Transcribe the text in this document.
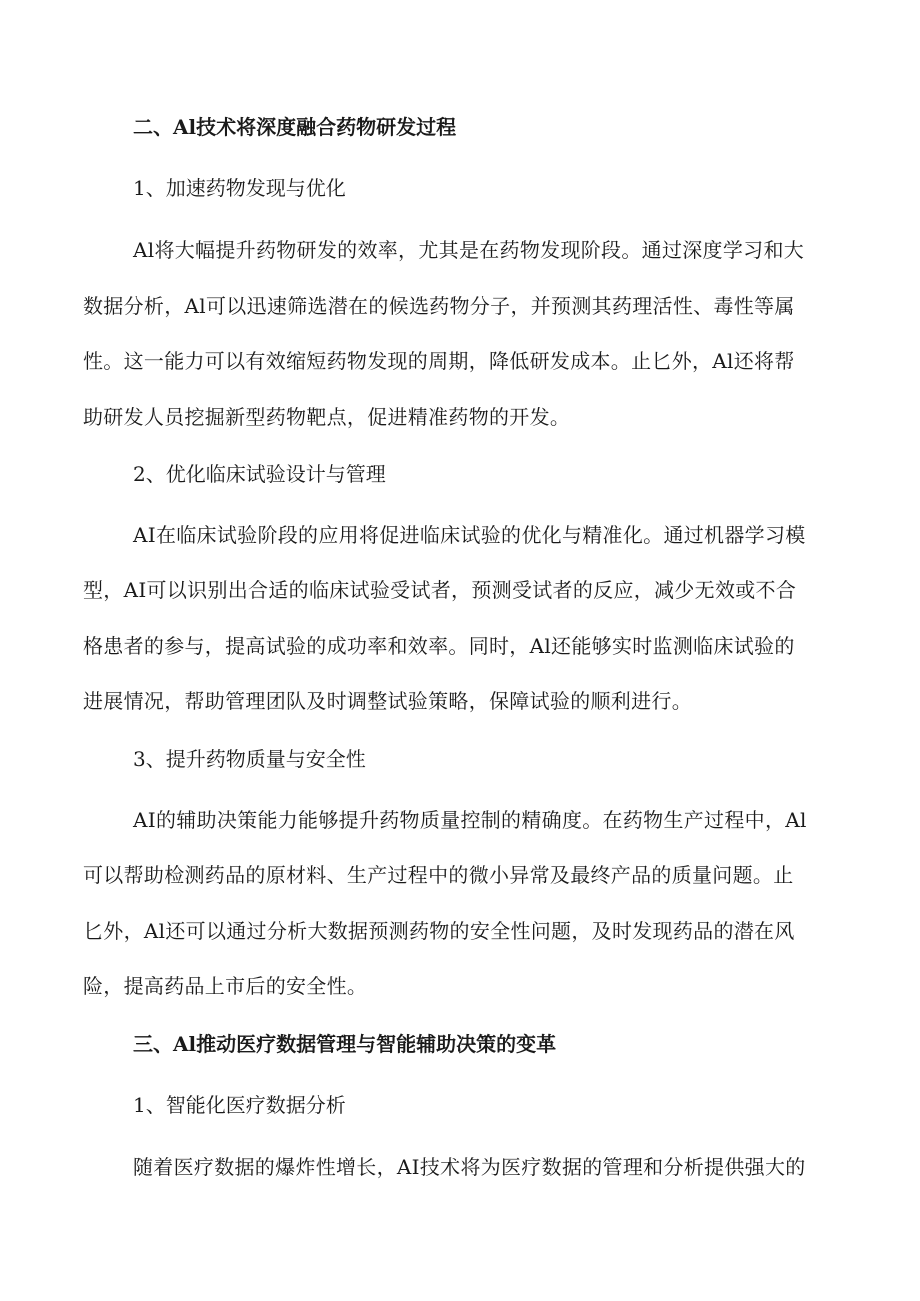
二、Al技术将深度融合药物研发过程
1、加速药物发现与优化
Al将大幅提升药物研发的效率，尤其是在药物发现阶段。通过深度学习和大
数据分析，Al可以迅速筛选潜在的候选药物分子，并预测其药理活性、毒性等属
性。这一能力可以有效缩短药物发现的周期，降低研发成本。止匕外，Al还将帮
助研发人员挖掘新型药物靶点，促进精准药物的开发。
2、优化临床试验设计与管理
AI在临床试验阶段的应用将促进临床试验的优化与精准化。通过机器学习模
型，AI可以识别出合适的临床试验受试者，预测受试者的反应，减少无效或不合
格患者的参与，提高试验的成功率和效率。同时，Al还能够实时监测临床试验的
进展情况，帮助管理团队及时调整试验策略，保障试验的顺利进行。
3、提升药物质量与安全性
AI的辅助决策能力能够提升药物质量控制的精确度。在药物生产过程中，Al
可以帮助检测药品的原材料、生产过程中的微小异常及最终产品的质量问题。止
匕外，Al还可以通过分析大数据预测药物的安全性问题，及时发现药品的潜在风
险，提高药品上市后的安全性。
三、Al推动医疗数据管理与智能辅助决策的变革
1、智能化医疗数据分析
随着医疗数据的爆炸性增长，AI技术将为医疗数据的管理和分析提供强大的
